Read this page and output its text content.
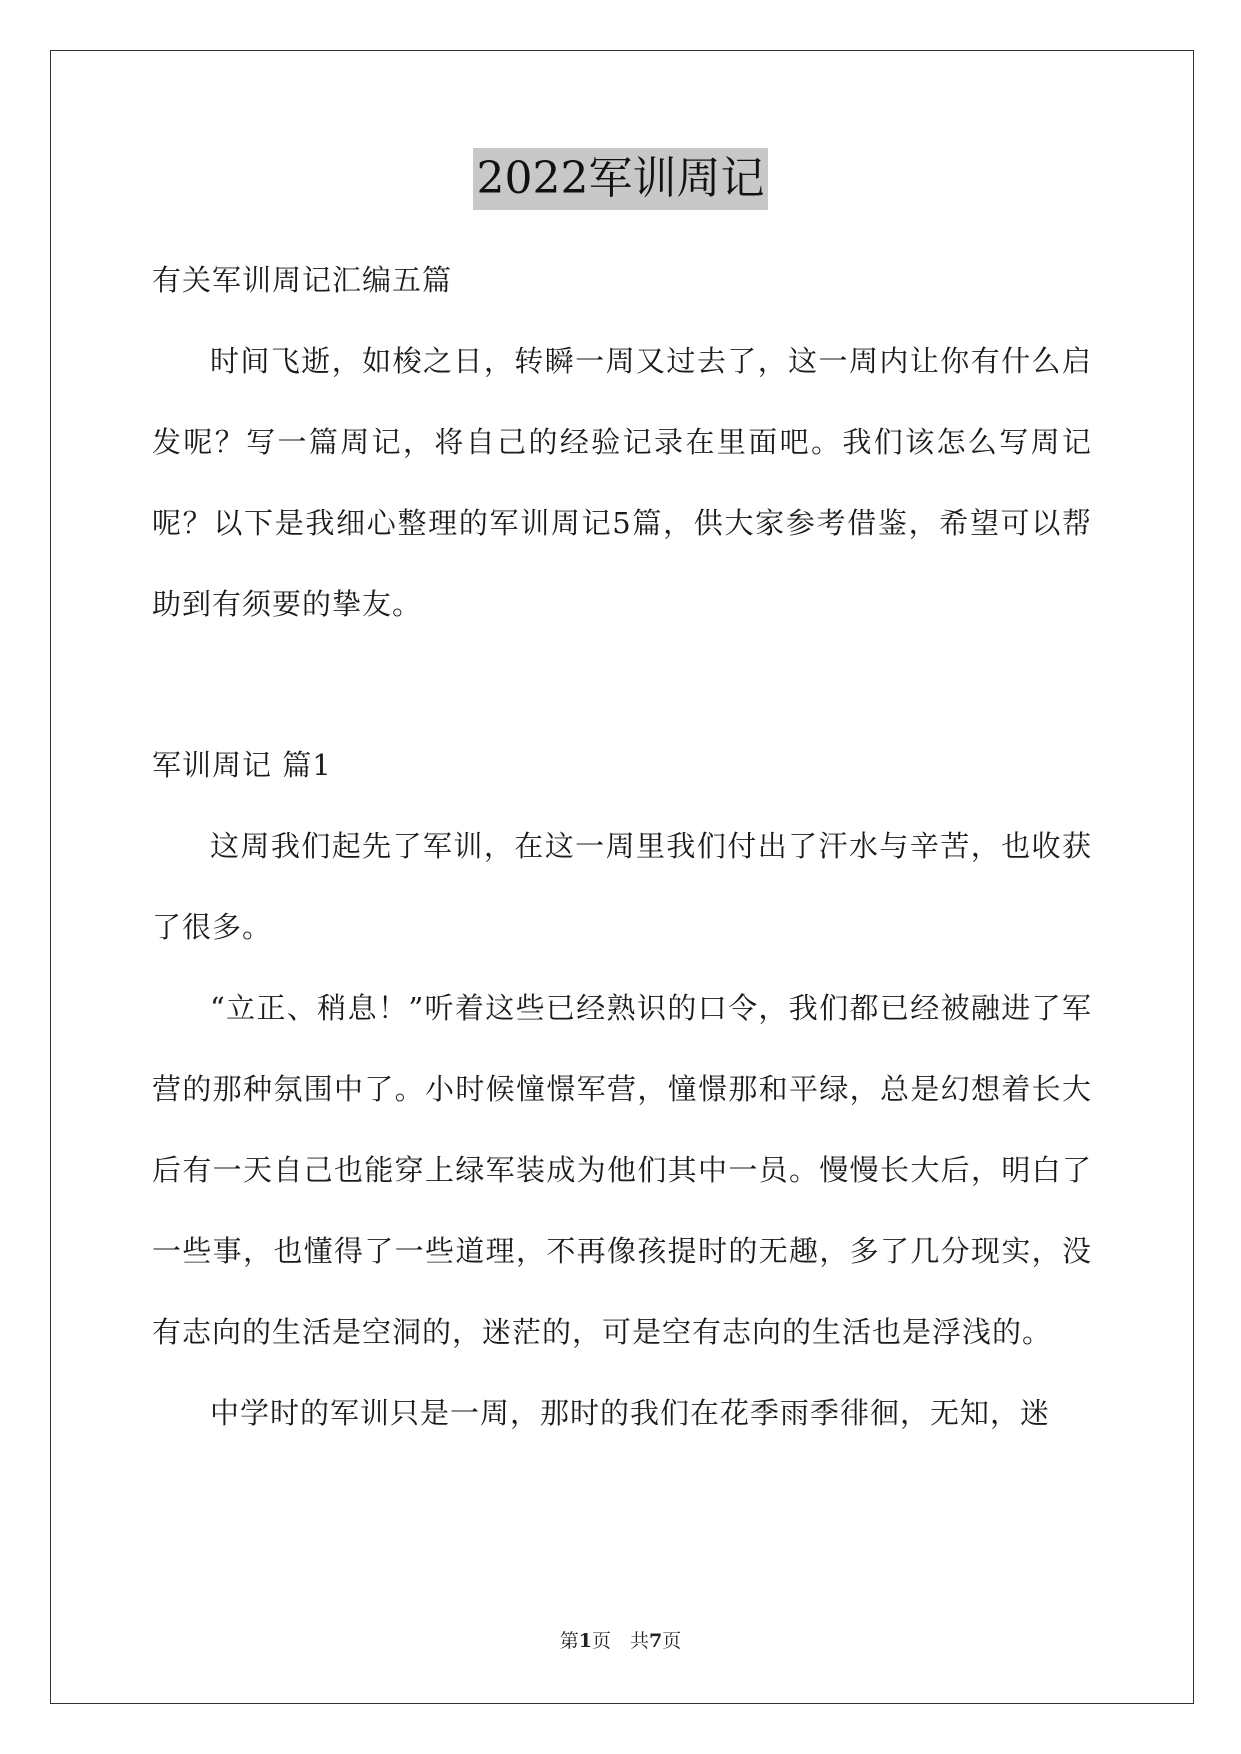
2022军训周记

有关军训周记汇编五篇

时间飞逝，如梭之日，转瞬一周又过去了，这一周内让你有什么启发呢？写一篇周记，将自己的经验记录在里面吧。我们该怎么写周记呢？以下是我细心整理的军训周记5篇，供大家参考借鉴，希望可以帮助到有须要的挚友。

军训周记 篇1

这周我们起先了军训，在这一周里我们付出了汗水与辛苦，也收获了很多。

“立正、稍息！”听着这些已经熟识的口令，我们都已经被融进了军营的那种氛围中了。小时候憧憬军营，憧憬那和平绿，总是幻想着长大后有一天自己也能穿上绿军装成为他们其中一员。慢慢长大后，明白了一些事，也懂得了一些道理，不再像孩提时的无趣，多了几分现实，没有志向的生活是空洞的，迷茫的，可是空有志向的生活也是浮浅的。

中学时的军训只是一周，那时的我们在花季雨季徘徊，无知，迷

第1页　共7页
